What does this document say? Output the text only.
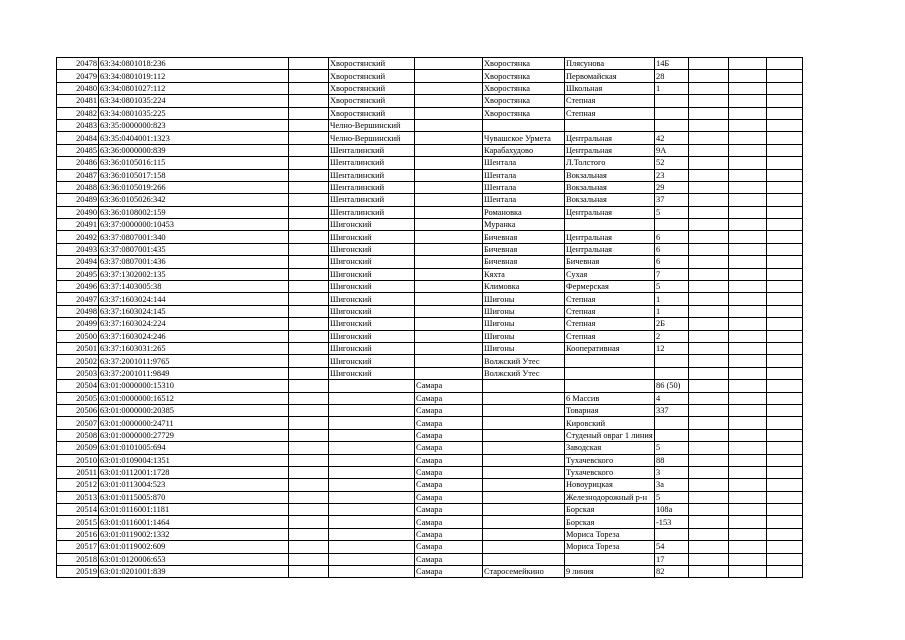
20478	63:34:0801018:236		Хворостянский		Хворостянка	Плясунова	14Б			
20479	63:34:0801019:112		Хворостянский		Хворостянка	Первомайская	28			
20480	63:34:0801027:112		Хворостянский		Хворостянка	Школьная	1			
20481	63:34:0801035:224		Хворостянский		Хворостянка	Степная				
20482	63:34:0801035:225		Хворостянский		Хворостянка	Степная				
20483	63:35:0000000:823		Челно-Вершинский							
20484	63:35:0404001:1323		Челно-Вершинский		Чувашское Урмета	Центральная	42			
20485	63:36:0000000:839		Шенталинский		Карабахудово	Центральная	9А			
20486	63:36:0105016:115		Шенталинский		Шентала	Л.Толстого	52			
20487	63:36:0105017:158		Шенталинский		Шентала	Вокзальная	23			
20488	63:36:0105019:266		Шенталинский		Шентала	Вокзальная	29			
20489	63:36:0105026:342		Шенталинский		Шентала	Вокзальная	37			
20490	63:36:0108002:159		Шенталинский		Романовка	Центральная	5			
20491	63:37:0000000:10453		Шигонский		Муранка					
20492	63:37:0807001:340		Шигонский		Бичевная	Центральная	6			
20493	63:37:0807001:435		Шигонский		Бичевная	Центральная	6			
20494	63:37:0807001:436		Шигонский		Бичевная	Бичевная	6			
20495	63:37:1302002:135		Шигонский		Кяхта	Сухая	7			
20496	63:37:1403005:38		Шигонский		Климовка	Фермерская	5			
20497	63:37:1603024:144		Шигонский		Шигоны	Степная	1			
20498	63:37:1603024:145		Шигонский		Шигоны	Степная	1			
20499	63:37:1603024:224		Шигонский		Шигоны	Степная	2Б			
20500	63:37:1603024:246		Шигонский		Шигоны	Степная	2			
20501	63:37:1603031:265		Шигонский		Шигоны	Кооперативная	12			
20502	63:37:2001011:9765		Шигонский		Волжский Утес					
20503	63:37:2001011:9849		Шигонский		Волжский Утес					
20504	63:01:0000000:15310			Самара			86 (50)			
20505	63:01:0000000:16512			Самара		6 Массив	4			
20506	63:01:0000000:20385			Самара		Товарная	337			
20507	63:01:0000000:24711			Самара		Кировский				
20508	63:01:0000000:27729			Самара		Студеный овраг 1 линия				
20509	63:01:0101005:694			Самара		Заводская	5			
20510	63:01:0109004:1351			Самара		Тухачевского	88			
20511	63:01:0112001:1728			Самара		Тухачевского	3			
20512	63:01:0113004:523			Самара		Новоурицкая	3а			
20513	63:01:0115005:870			Самара		Железнодорожный р-н	5			
20514	63:01:0116001:1181			Самара		Борская	108а			
20515	63:01:0116001:1464			Самара		Борская	-153			
20516	63:01:0119002:1332			Самара		Мориса Тореза				
20517	63:01:0119002:609			Самара		Мориса Тореза	54			
20518	63:01:0120006:653			Самара			17			
20519	63:01:0201001:839			Самара	Старосемейкино	9 линия	82			
